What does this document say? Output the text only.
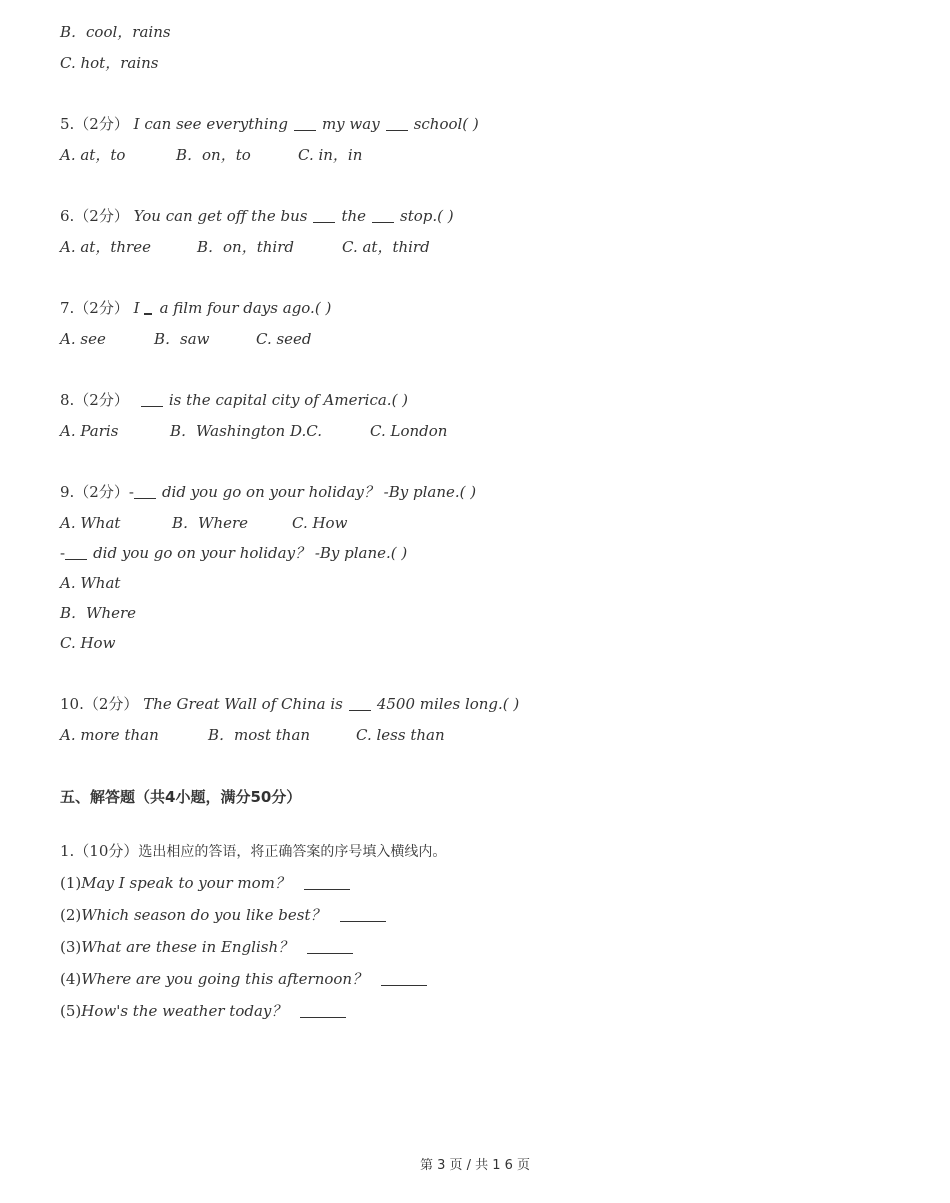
B．cool，rains
C. hot，rains
5.（2分） I can see everything my way school( )
A. at，to	B．on，to	C. in，in
6.（2分） You can get off the bus the stop.( )
A. at，three	B．on，third	C. at，third
7.（2分） I a film four days ago.( )
A. see	B．saw	C. seed
8.（2分）	is the capital city of America.( )
A. Paris	B．Washington D.C.	C. London
9.（2分）- did you go on your holiday？ -By plane.( )
A. What	B．Where	C. How
- did you go on your holiday？ -By plane.( )
A. What
B．Where
C. How
10.（2分） The Great Wall of China is 4500 miles long.( )
A. more than	B．most than	C. less than
五、解答题（共4小题，满分50分）
1.（10分）选出相应的答语，将正确答案的序号填入横线内。
(1)May I speak to your mom？
(2)Which season do you like best？
(3)What are these in English？
(4)Where are you going this afternoon？
(5)How's the weather today？
第 3 页 / 共 1 6 页
